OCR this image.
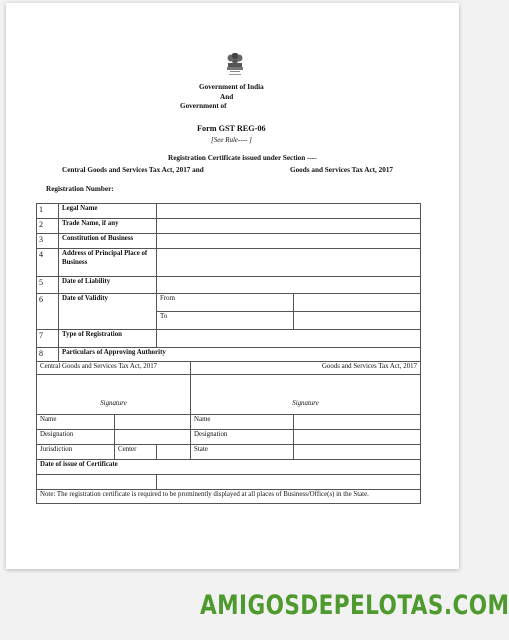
Government of India
And
Government of
Form GST REG-06
[See Rule---- ]
Registration Certificate issued under Section ----
Central Goods and Services Tax Act, 2017 and	Goods and Services Tax Act, 2017
Registration Number:
1	Legal Name				
2	Trade Name, if any				
3	Constitution of Business				
4	Address of Principal Place of Business				
5	Date of Liability				
6	Date of Validity		From		
			To		
7	Type of Registration				
8	Particulars of Approving Authority				
Central Goods and Services Tax Act, 2017				Goods and Services Tax Act, 2017	
Signature				Signature	
Name				Name	
Designation				Designation	
Jurisdiction		Center		State	
Date of issue of Certificate					

Note: The registration certificate is required to be prominently displayed at all places of Business/Office(s) in the State.					
AMIGOSDEPELOTAS.COM
